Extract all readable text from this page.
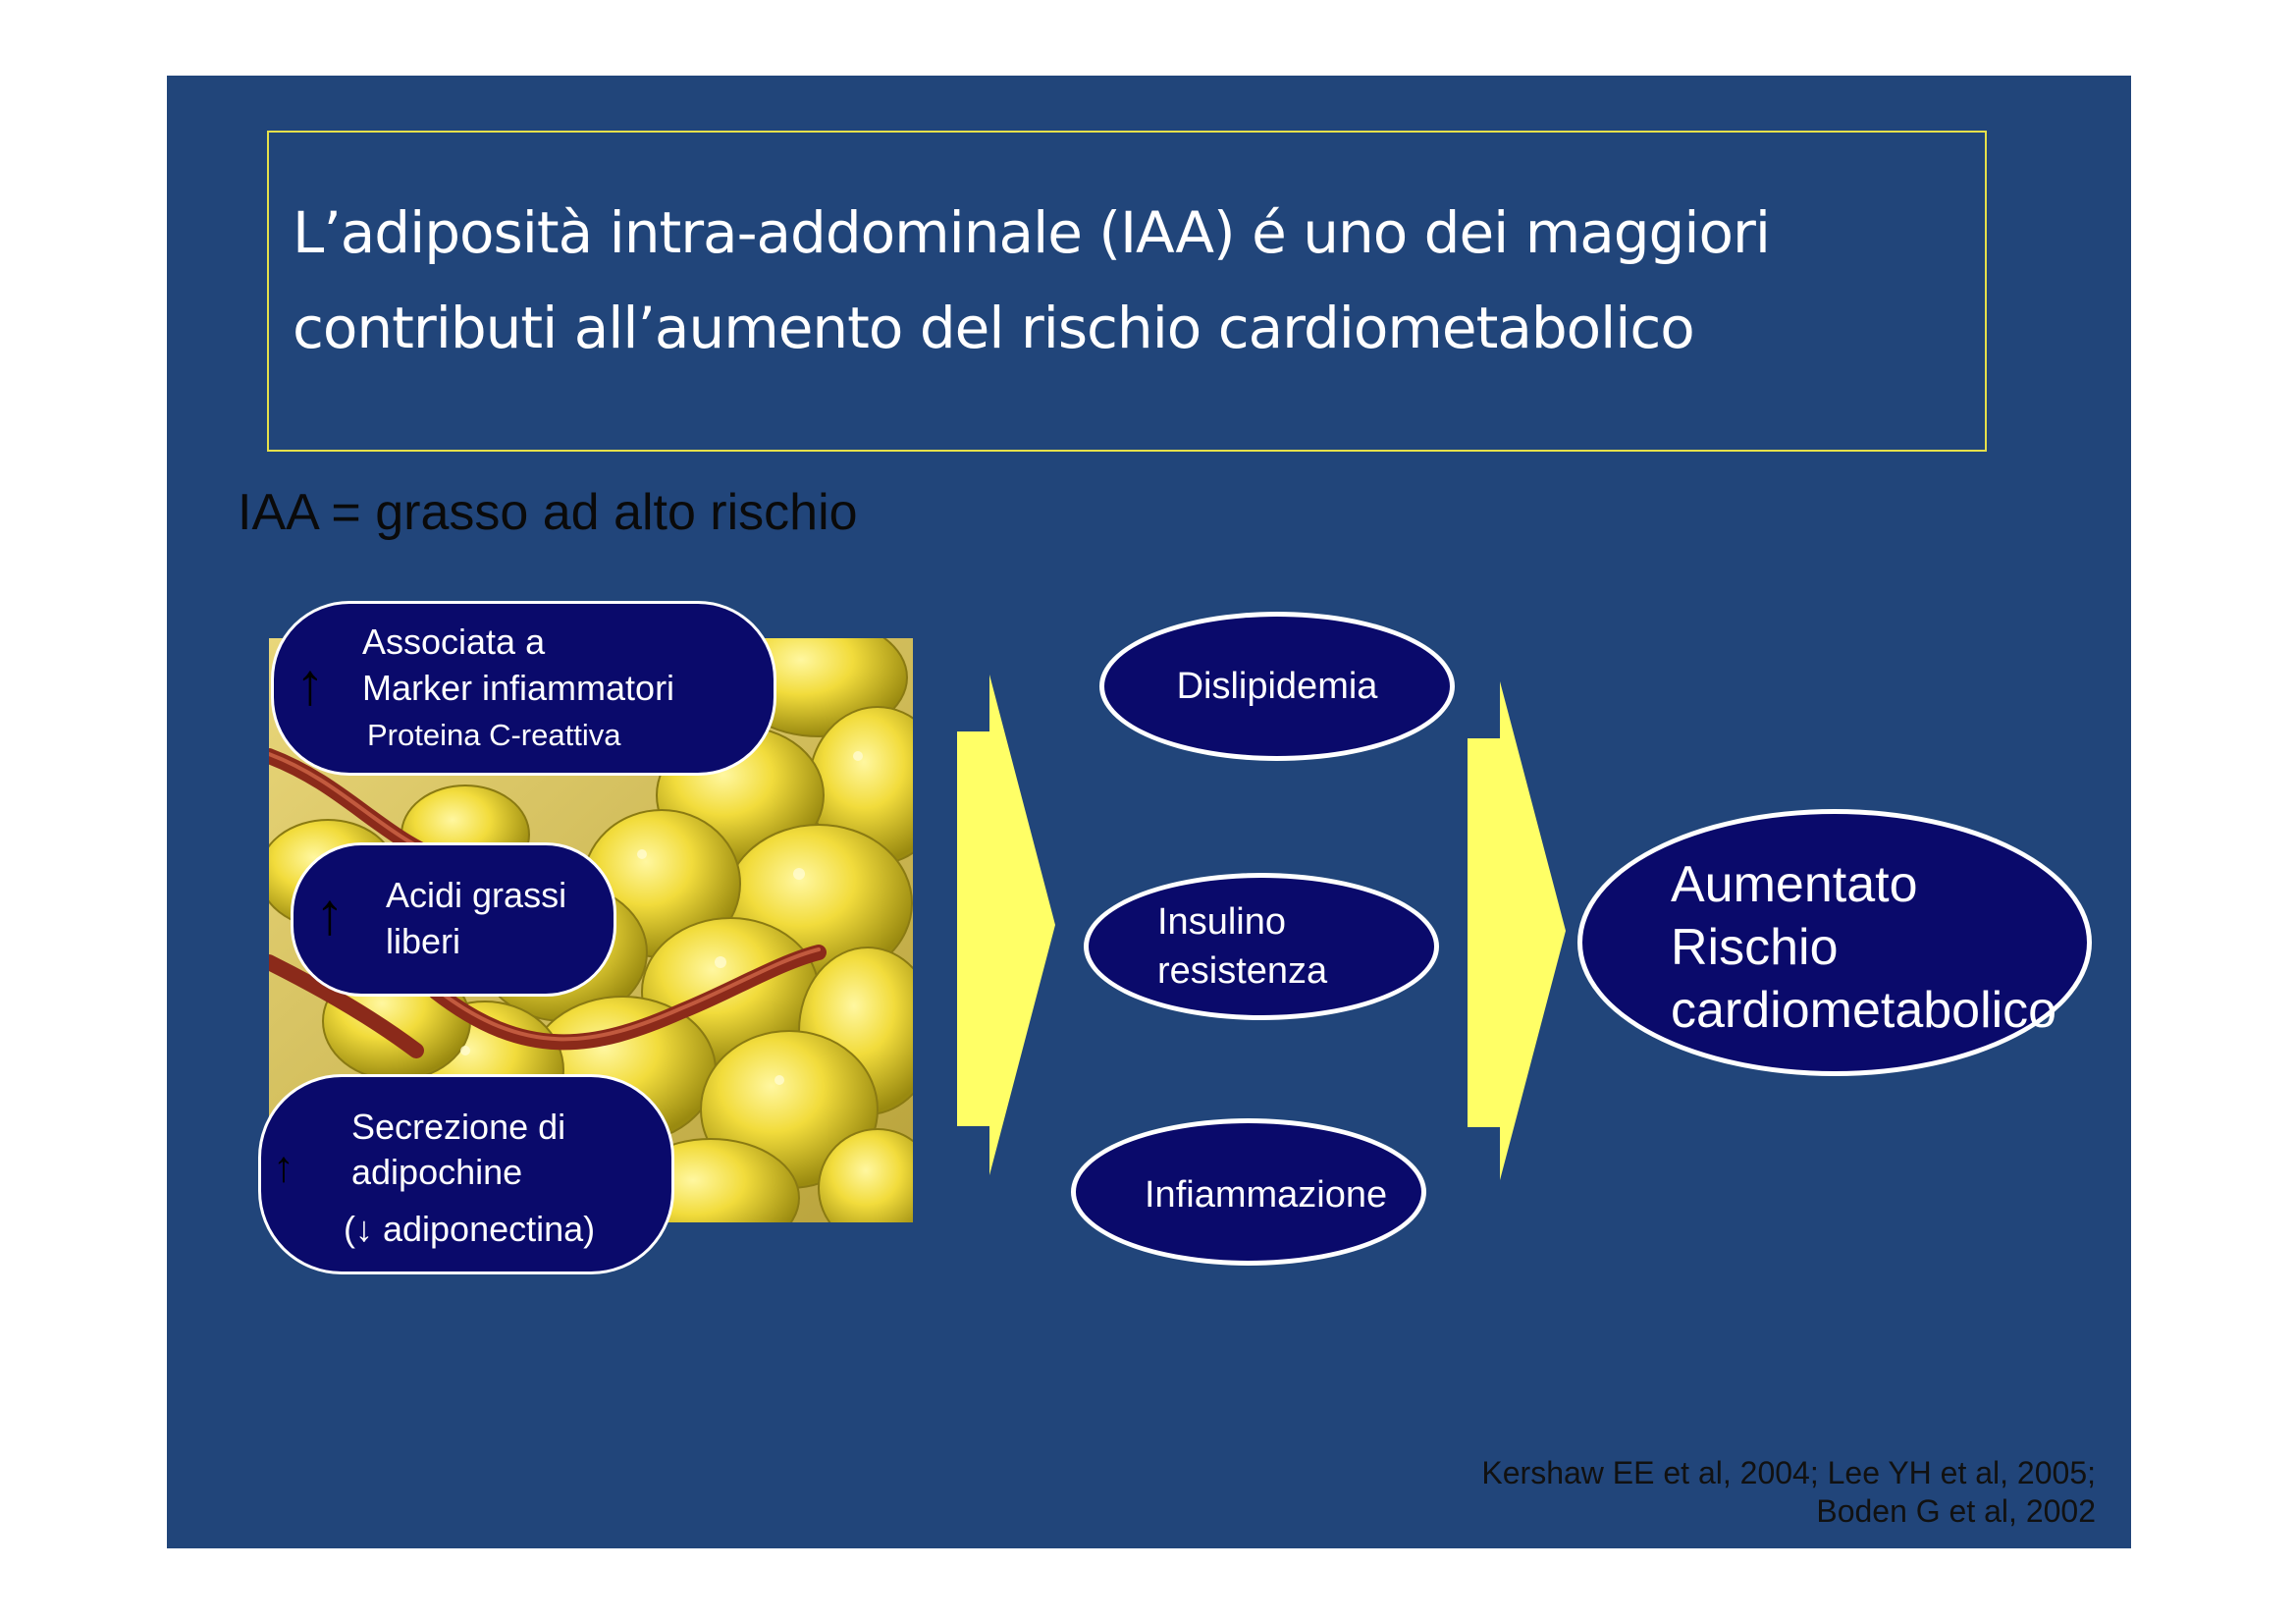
L’adiposità intra-addominale (IAA) é uno dei maggiori
contributi all’aumento del rischio cardiometabolico
IAA = grasso ad alto rischio
↑
Associata a
Marker infiammatori
Proteina C-reattiva
↑ Acidi grassi
liberi
↑
Secrezione di
adipochine
(↓ adiponectina)
Dislipidemia
Insulino
resistenza
Infiammazione
Aumentato
Rischio
cardiometabolico
Kershaw EE et al, 2004; Lee YH et al, 2005;
Boden G et al, 2002
